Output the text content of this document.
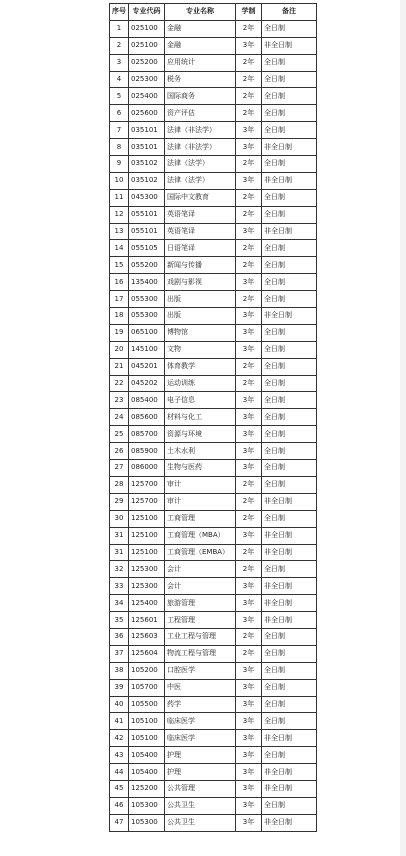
序号	专业代码	专业名称	学制	备注
1	025100	金融	2年	全日制
2	025100	金融	3年	非全日制
3	025200	应用统计	2年	全日制
4	025300	税务	2年	全日制
5	025400	国际商务	2年	全日制
6	025600	资产评估	2年	全日制
7	035101	法律（非法学）	3年	全日制
8	035101	法律（非法学）	3年	非全日制
9	035102	法律（法学）	2年	全日制
10	035102	法律（法学）	3年	非全日制
11	045300	国际中文教育	2年	全日制
12	055101	英语笔译	2年	全日制
13	055101	英语笔译	3年	非全日制
14	055105	日语笔译	2年	全日制
15	055200	新闻与传播	2年	全日制
16	135400	戏剧与影视	3年	全日制
17	055300	出版	2年	全日制
18	055300	出版	3年	非全日制
19	065100	博物馆	3年	全日制
20	145100	文物	3年	全日制
21	045201	体育教学	2年	全日制
22	045202	运动训练	2年	全日制
23	085400	电子信息	3年	全日制
24	085600	材料与化工	3年	全日制
25	085700	资源与环境	3年	全日制
26	085900	土木水利	3年	全日制
27	086000	生物与医药	3年	全日制
28	125700	审计	2年	全日制
29	125700	审计	2年	非全日制
30	125100	工商管理	2年	全日制
31	125100	工商管理（MBA）	3年	非全日制
31	125100	工商管理（EMBA）	2年	非全日制
32	125300	会计	2年	全日制
33	125300	会计	3年	非全日制
34	125400	旅游管理	3年	非全日制
35	125601	工程管理	3年	非全日制
36	125603	工业工程与管理	2年	全日制
37	125604	物流工程与管理	2年	全日制
38	105200	口腔医学	3年	全日制
39	105700	中医	3年	全日制
40	105500	药学	3年	全日制
41	105100	临床医学	3年	全日制
42	105100	临床医学	3年	非全日制
43	105400	护理	3年	全日制
44	105400	护理	3年	非全日制
45	125200	公共管理	3年	非全日制
46	105300	公共卫生	3年	全日制
47	105300	公共卫生	3年	非全日制
